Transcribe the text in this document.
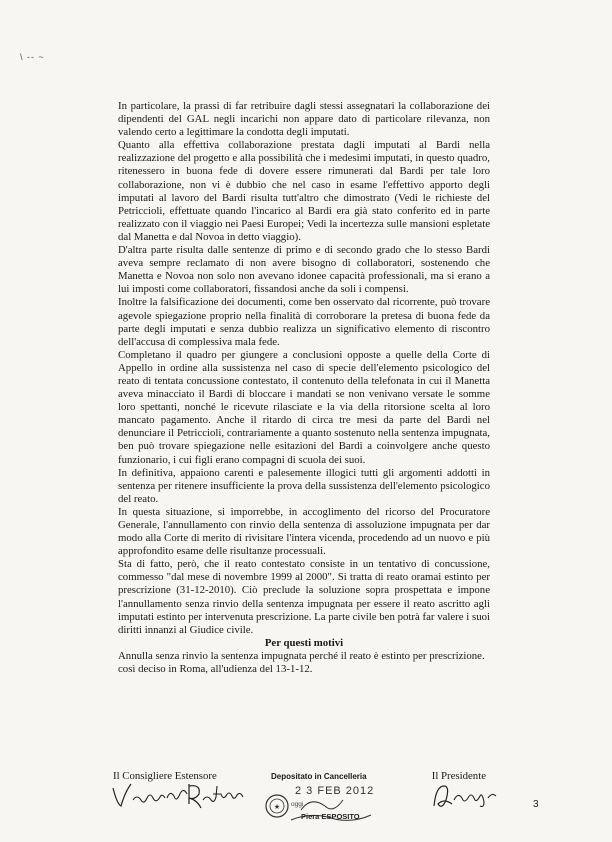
\ -- ~

In particolare, la prassi di far retribuire dagli stessi assegnatari la collaborazione dei dipendenti del GAL negli incarichi non appare dato di particolare rilevanza, non valendo certo a legittimare la condotta degli imputati.

Quanto alla effettiva collaborazione prestata dagli imputati al Bardi nella realizzazione del progetto e alla possibilità che i medesimi imputati, in questo quadro, ritenessero in buona fede di dovere essere rimunerati dal Bardi per tale loro collaborazione, non vi è dubbio che nel caso in esame l'effettivo apporto degli imputati al lavoro del Bardi risulta tutt'altro che dimostrato (Vedi le richieste del Petriccioli, effettuate quando l'incarico al Bardi era già stato conferito ed in parte realizzato con il viaggio nei Paesi Europei; Vedi la incertezza sulle mansioni espletate dal Manetta e dal Novoa in detto viaggio).

D'altra parte risulta dalle sentenze di primo e di secondo grado che lo stesso Bardi aveva sempre reclamato di non avere bisogno di collaboratori, sostenendo che Manetta e Novoa non solo non avevano idonee capacità professionali, ma si erano a lui imposti come collaboratori, fissandosi anche da soli i compensi.

Inoltre la falsificazione dei documenti, come ben osservato dal ricorrente, può trovare agevole spiegazione proprio nella finalità di corroborare la pretesa di buona fede da parte degli imputati e senza dubbio realizza un significativo elemento di riscontro dell'accusa di complessiva mala fede.

Completano il quadro per giungere a conclusioni opposte a quelle della Corte di Appello in ordine alla sussistenza nel caso di specie dell'elemento psicologico del reato di tentata concussione contestato, il contenuto della telefonata in cui il Manetta aveva minacciato il Bardi di bloccare i mandati se non venivano versate le somme loro spettanti, nonché le ricevute rilasciate e la via della ritorsione scelta al loro mancato pagamento. Anche il ritardo di circa tre mesi da parte del Bardi nel denunciare il Petriccioli, contrariamente a quanto sostenuto nella sentenza impugnata, ben può trovare spiegazione nelle esitazioni del Bardi a coinvolgere anche questo funzionario, i cui figli erano compagni di scuola dei suoi.

In definitiva, appaiono carenti e palesemente illogici tutti gli argomenti addotti in sentenza per ritenere insufficiente la prova della sussistenza dell'elemento psicologico del reato.

In questa situazione, si imporrebbe, in accoglimento del ricorso del Procuratore Generale, l'annullamento con rinvio della sentenza di assoluzione impugnata per dar modo alla Corte di merito di rivisitare l'intera vicenda, procedendo ad un nuovo e più approfondito esame delle risultanze processuali.

Sta di fatto, però, che il reato contestato consiste in un tentativo di concussione, commesso "dal mese di novembre 1999 al 2000". Si tratta di reato oramai estinto per prescrizione (31-12-2010). Ciò preclude la soluzione sopra prospettata e impone l'annullamento senza rinvio della sentenza impugnata per essere il reato ascritto agli imputati estinto per intervenuta prescrizione. La parte civile ben potrà far valere i suoi diritti innanzi al Giudice civile.

Per questi motivi

Annulla senza rinvio la sentenza impugnata perché il reato è estinto per prescrizione.

così deciso in Roma, all'udienza del 13-1-12.

Il Consigliere Estensore	Depositato in Cancelleria	Il Presidente
★
2 3 FEB 2012
oggi
Piera ESPOSITO
3
